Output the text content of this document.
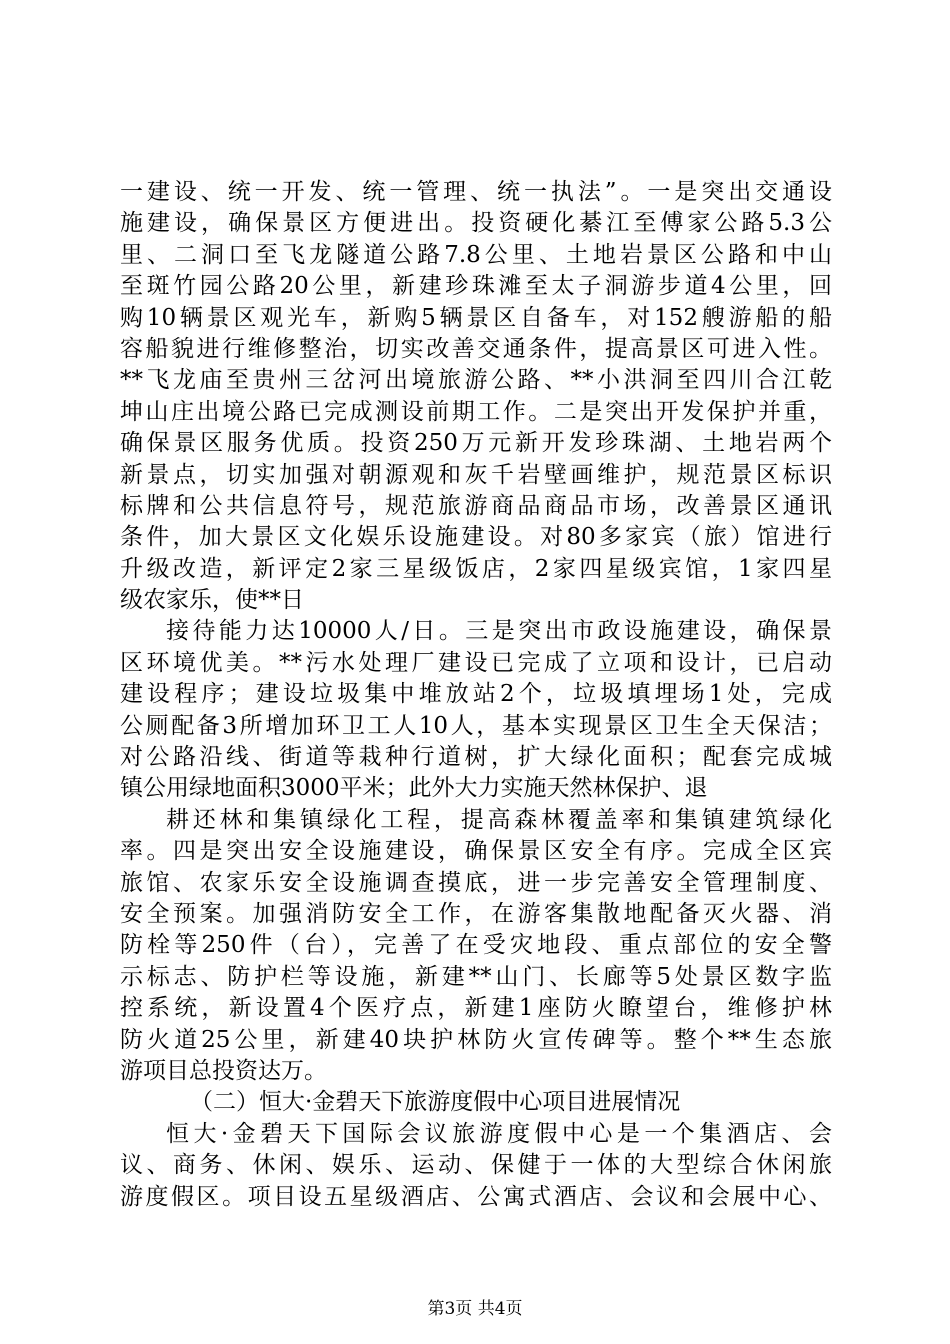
一建设、统一开发、统一管理、统一执法”。一是突出交通设
施建设，确保景区方便进出。投资硬化綦江至傅家公路5.3公
里、二洞口至飞龙隧道公路7.8公里、土地岩景区公路和中山
至斑竹园公路20公里，新建珍珠滩至太子洞游步道4公里，回
购10辆景区观光车，新购5辆景区自备车，对152艘游船的船
容船貌进行维修整治，切实改善交通条件，提高景区可进入性。
**飞龙庙至贵州三岔河出境旅游公路、**小洪洞至四川合江乾
坤山庄出境公路已完成测设前期工作。二是突出开发保护并重，
确保景区服务优质。投资250万元新开发珍珠湖、土地岩两个
新景点，切实加强对朝源观和灰千岩壁画维护，规范景区标识
标牌和公共信息符号，规范旅游商品商品市场，改善景区通讯
条件，加大景区文化娱乐设施建设。对80多家宾（旅）馆进行
升级改造，新评定2家三星级饭店，2家四星级宾馆，1家四星
级农家乐，使**日
接待能力达10000人/日。三是突出市政设施建设，确保景
区环境优美。**污水处理厂建设已完成了立项和设计，已启动
建设程序；建设垃圾集中堆放站2个，垃圾填埋场1处，完成
公厕配备3所增加环卫工人10人，基本实现景区卫生全天保洁；
对公路沿线、街道等栽种行道树，扩大绿化面积；配套完成城
镇公用绿地面积3000平米；此外大力实施天然林保护、退
耕还林和集镇绿化工程，提高森林覆盖率和集镇建筑绿化
率。四是突出安全设施建设，确保景区安全有序。完成全区宾
旅馆、农家乐安全设施调查摸底，进一步完善安全管理制度、
安全预案。加强消防安全工作，在游客集散地配备灭火器、消
防栓等250件（台），完善了在受灾地段、重点部位的安全警
示标志、防护栏等设施，新建**山门、长廊等5处景区数字监
控系统，新设置4个医疗点，新建1座防火瞭望台，维修护林
防火道25公里，新建40块护林防火宣传碑等。整个**生态旅
游项目总投资达万。
（二）恒大·金碧天下旅游度假中心项目进展情况
恒大·金碧天下国际会议旅游度假中心是一个集酒店、会
议、商务、休闲、娱乐、运动、保健于一体的大型综合休闲旅
游度假区。项目设五星级酒店、公寓式酒店、会议和会展中心、
第3页 共4页
